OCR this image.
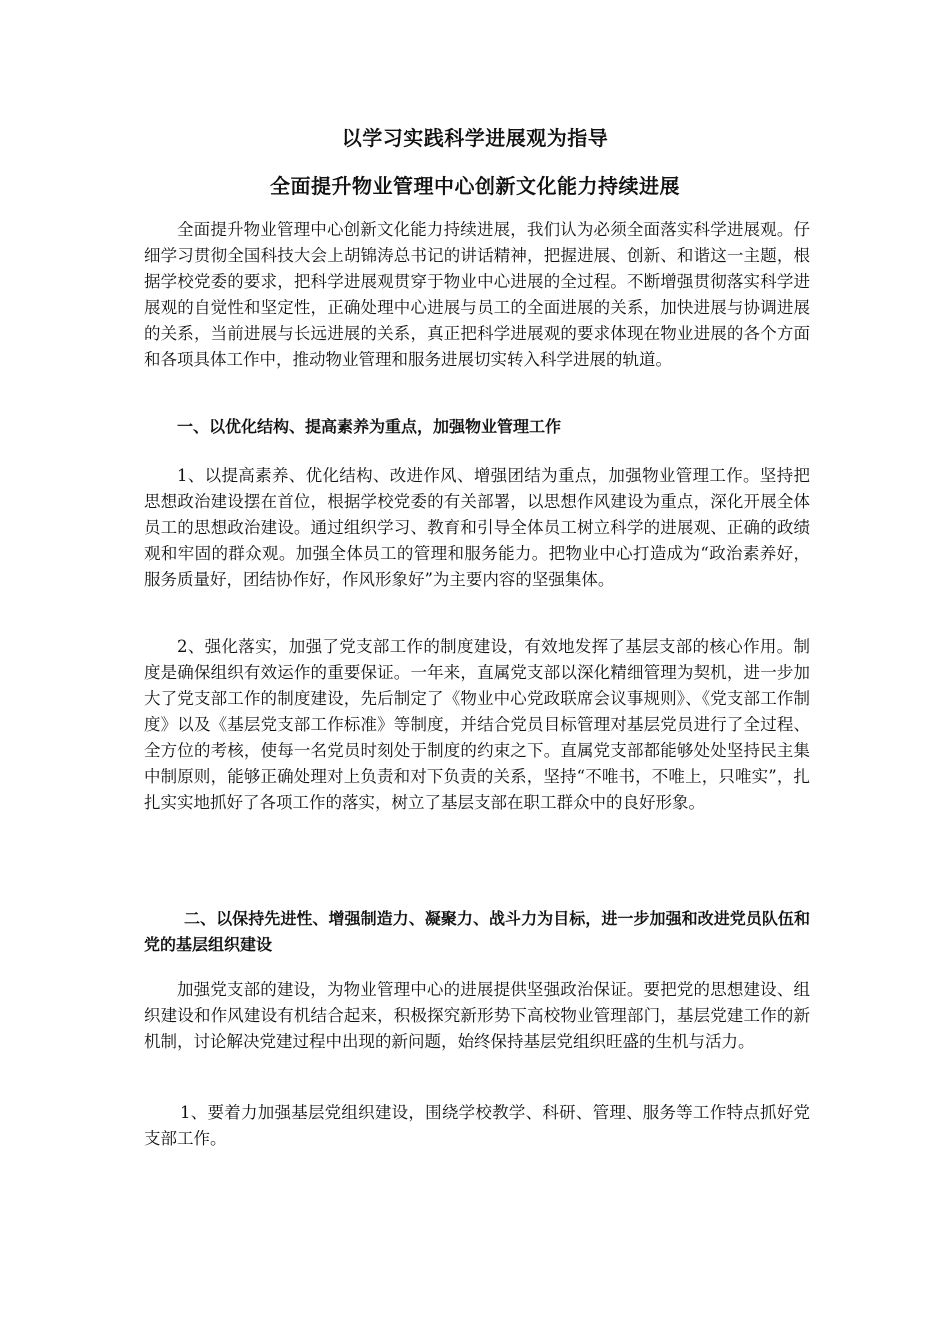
以学习实践科学进展观为指导
全面提升物业管理中心创新文化能力持续进展
全面提升物业管理中心创新文化能力持续进展，我们认为必须全面落实科学进展观。仔细学习贯彻全国科技大会上胡锦涛总书记的讲话精神，把握进展、创新、和谐这一主题，根据学校党委的要求，把科学进展观贯穿于物业中心进展的全过程。不断增强贯彻落实科学进展观的自觉性和坚定性，正确处理中心进展与员工的全面进展的关系，加快进展与协调进展的关系，当前进展与长远进展的关系，真正把科学进展观的要求体现在物业进展的各个方面和各项具体工作中，推动物业管理和服务进展切实转入科学进展的轨道。
一、以优化结构、提高素养为重点，加强物业管理工作
1、以提高素养、优化结构、改进作风、增强团结为重点，加强物业管理工作。坚持把思想政治建设摆在首位，根据学校党委的有关部署，以思想作风建设为重点，深化开展全体员工的思想政治建设。通过组织学习、教育和引导全体员工树立科学的进展观、正确的政绩观和牢固的群众观。加强全体员工的管理和服务能力。把物业中心打造成为“政治素养好，服务质量好，团结协作好，作风形象好”为主要内容的坚强集体。
2、强化落实，加强了党支部工作的制度建设，有效地发挥了基层支部的核心作用。制度是确保组织有效运作的重要保证。一年来，直属党支部以深化精细管理为契机，进一步加大了党支部工作的制度建设，先后制定了《物业中心党政联席会议事规则》、《党支部工作制度》以及《基层党支部工作标准》等制度，并结合党员目标管理对基层党员进行了全过程、全方位的考核，使每一名党员时刻处于制度的约束之下。直属党支部都能够处处坚持民主集中制原则，能够正确处理对上负责和对下负责的关系，坚持“不唯书，不唯上，只唯实”，扎扎实实地抓好了各项工作的落实，树立了基层支部在职工群众中的良好形象。
二、以保持先进性、增强制造力、凝聚力、战斗力为目标，进一步加强和改进党员队伍和党的基层组织建设
加强党支部的建设，为物业管理中心的进展提供坚强政治保证。要把党的思想建设、组织建设和作风建设有机结合起来，积极探究新形势下高校物业管理部门，基层党建工作的新机制，讨论解决党建过程中出现的新问题，始终保持基层党组织旺盛的生机与活力。
1、要着力加强基层党组织建设，围绕学校教学、科研、管理、服务等工作特点抓好党支部工作。
